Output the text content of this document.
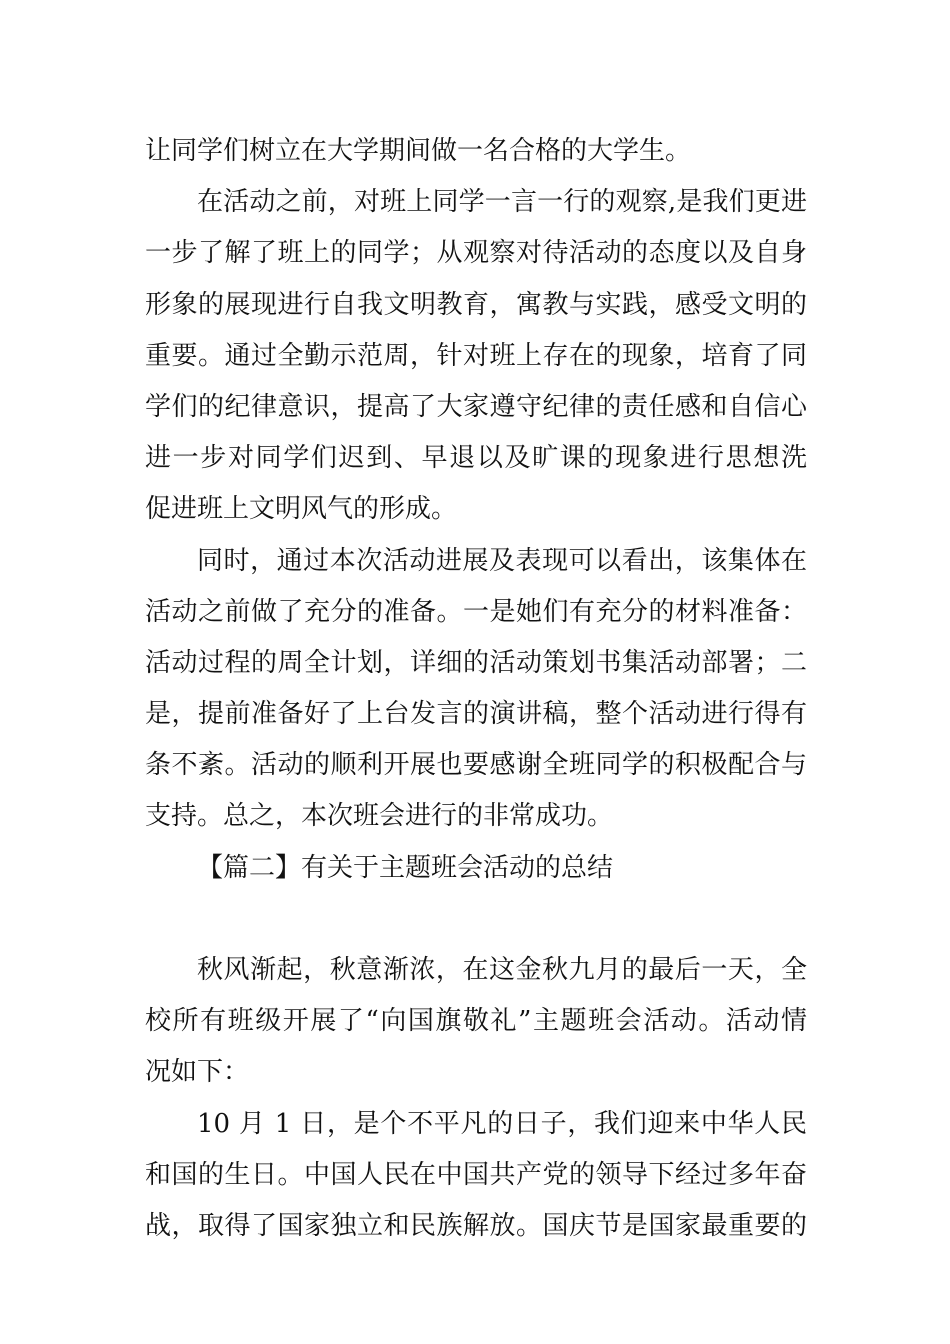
让同学们树立在大学期间做一名合格的大学生。
在活动之前，对班上同学一言一行的观察,是我们更进
一步了解了班上的同学；从观察对待活动的态度以及自身
形象的展现进行自我文明教育，寓教与实践，感受文明的
重要。通过全勤示范周，针对班上存在的现象，培育了同
学们的纪律意识，提高了大家遵守纪律的责任感和自信心
进一步对同学们迟到、早退以及旷课的现象进行思想洗
促进班上文明风气的形成。
同时，通过本次活动进展及表现可以看出，该集体在
活动之前做了充分的准备。一是她们有充分的材料准备：
活动过程的周全计划，详细的活动策划书集活动部署；二
是，提前准备好了上台发言的演讲稿，整个活动进行得有
条不紊。活动的顺利开展也要感谢全班同学的积极配合与
支持。总之，本次班会进行的非常成功。
【篇二】有关于主题班会活动的总结
秋风渐起，秋意渐浓，在这金秋九月的最后一天，全
校所有班级开展了“向国旗敬礼”主题班会活动。活动情
况如下：
10 月 1 日，是个不平凡的日子，我们迎来中华人民
和国的生日。中国人民在中国共产党的领导下经过多年奋
战，取得了国家独立和民族解放。国庆节是国家最重要的
